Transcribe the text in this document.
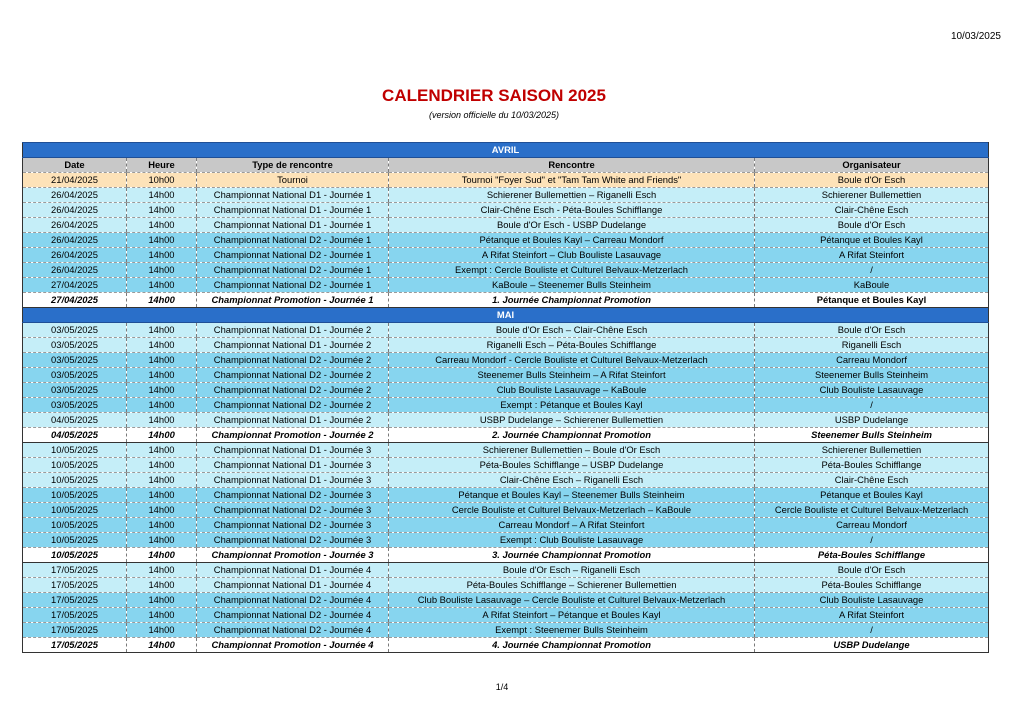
10/03/2025
CALENDRIER SAISON 2025
(version officielle du 10/03/2025)
AVRIL				
Date	Heure	Type de rencontre	Rencontre	Organisateur
21/04/2025	10h00	Tournoi	Tournoi "Foyer Sud" et "Tam Tam White and Friends"	Boule d'Or Esch
26/04/2025	14h00	Championnat National D1 - Journée 1	Schierener Bullemettien – Riganelli Esch	Schierener Bullemettien
26/04/2025	14h00	Championnat National D1 - Journée 1	Clair-Chêne Esch - Péta-Boules Schifflange	Clair-Chêne Esch
26/04/2025	14h00	Championnat National D1 - Journée 1	Boule d'Or Esch - USBP Dudelange	Boule d'Or Esch
26/04/2025	14h00	Championnat National D2 - Journée 1	Pétanque et Boules Kayl – Carreau Mondorf	Pétanque et Boules Kayl
26/04/2025	14h00	Championnat National D2 - Journée 1	A Rifat Steinfort – Club Bouliste Lasauvage	A Rifat Steinfort
26/04/2025	14h00	Championnat National D2 - Journée 1	Exempt : Cercle Bouliste et Culturel Belvaux-Metzerlach	/
27/04/2025	14h00	Championnat National D2 - Journée 1	KaBoule – Steenemer Bulls Steinheim	KaBoule
27/04/2025	14h00	Championnat Promotion - Journée 1	1. Journée Championnat Promotion	Pétanque et Boules Kayl
MAI				
03/05/2025	14h00	Championnat National D1 - Journée 2	Boule d'Or Esch – Clair-Chêne Esch	Boule d'Or Esch
03/05/2025	14h00	Championnat National D1 - Journée 2	Riganelli Esch – Péta-Boules Schifflange	Riganelli Esch
03/05/2025	14h00	Championnat National D2 - Journée 2	Carreau Mondorf - Cercle Bouliste et Culturel Belvaux-Metzerlach	Carreau Mondorf
03/05/2025	14h00	Championnat National D2 - Journée 2	Steenemer Bulls Steinheim – A Rifat Steinfort	Steenemer Bulls Steinheim
03/05/2025	14h00	Championnat National D2 - Journée 2	Club Bouliste Lasauvage – KaBoule	Club Bouliste Lasauvage
03/05/2025	14h00	Championnat National D2 - Journée 2	Exempt : Pétanque et Boules Kayl	/
04/05/2025	14h00	Championnat National D1 - Journée 2	USBP Dudelange – Schierener Bullemettien	USBP Dudelange
04/05/2025	14h00	Championnat Promotion - Journée 2	2. Journée Championnat Promotion	Steenemer Bulls Steinheim
10/05/2025	14h00	Championnat National D1 - Journée 3	Schierener Bullemettien – Boule d'Or Esch	Schierener Bullemettien
10/05/2025	14h00	Championnat National D1 - Journée 3	Péta-Boules Schifflange – USBP Dudelange	Péta-Boules Schifflange
10/05/2025	14h00	Championnat National D1 - Journée 3	Clair-Chêne Esch – Riganelli Esch	Clair-Chêne Esch
10/05/2025	14h00	Championnat National D2 - Journée 3	Pétanque et Boules Kayl – Steenemer Bulls Steinheim	Pétanque et Boules Kayl
10/05/2025	14h00	Championnat National D2 - Journée 3	Cercle Bouliste et Culturel Belvaux-Metzerlach – KaBoule	Cercle Bouliste et Culturel Belvaux-Metzerlach
10/05/2025	14h00	Championnat National D2 - Journée 3	Carreau Mondorf – A Rifat Steinfort	Carreau Mondorf
10/05/2025	14h00	Championnat National D2 - Journée 3	Exempt : Club Bouliste Lasauvage	/
10/05/2025	14h00	Championnat Promotion - Journée 3	3. Journée Championnat Promotion	Péta-Boules Schifflange
17/05/2025	14h00	Championnat National D1 - Journée 4	Boule d'Or Esch – Riganelli Esch	Boule d'Or Esch
17/05/2025	14h00	Championnat National D1 - Journée 4	Péta-Boules Schifflange – Schierener Bullemettien	Péta-Boules Schifflange
17/05/2025	14h00	Championnat National D2 - Journée 4	Club Bouliste Lasauvage – Cercle Bouliste et Culturel Belvaux-Metzerlach	Club Bouliste Lasauvage
17/05/2025	14h00	Championnat National D2 - Journée 4	A Rifat Steinfort – Pétanque et Boules Kayl	A Rifat Steinfort
17/05/2025	14h00	Championnat National D2 - Journée 4	Exempt : Steenemer Bulls Steinheim	/
17/05/2025	14h00	Championnat Promotion - Journée 4	4. Journée Championnat Promotion	USBP Dudelange
1/4
